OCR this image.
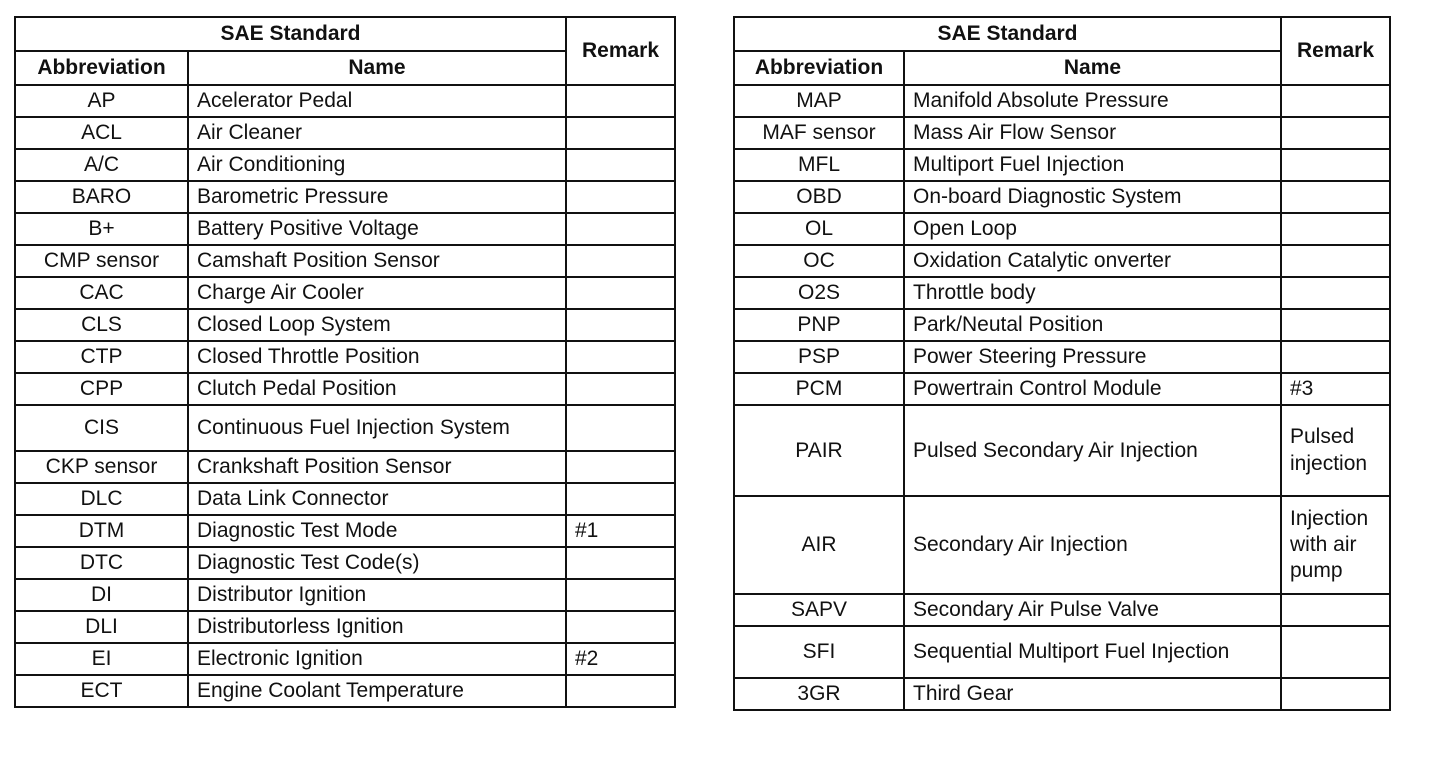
SAE Standard		Remark
Abbreviation	Name	
AP	Acelerator Pedal	
ACL	Air Cleaner	
A/C	Air Conditioning	
BARO	Barometric Pressure	
B+	Battery Positive Voltage	
CMP sensor	Camshaft Position Sensor	
CAC	Charge Air Cooler	
CLS	Closed Loop System	
CTP	Closed Throttle Position	
CPP	Clutch Pedal Position	
CIS	Continuous Fuel Injection System	
CKP sensor	Crankshaft Position Sensor	
DLC	Data Link Connector	
DTM	Diagnostic Test Mode	#1
DTC	Diagnostic Test Code(s)	
DI	Distributor Ignition	
DLI	Distributorless Ignition	
EI	Electronic Ignition	#2
ECT	Engine Coolant Temperature	
SAE Standard		Remark
Abbreviation	Name	
MAP	Manifold Absolute Pressure	
MAF sensor	Mass Air Flow Sensor	
MFL	Multiport Fuel Injection	
OBD	On-board Diagnostic System	
OL	Open Loop	
OC	Oxidation Catalytic onverter	
O2S	Throttle body	
PNP	Park/Neutal Position	
PSP	Power Steering Pressure	
PCM	Powertrain Control Module	#3
PAIR	Pulsed Secondary Air Injection	Pulsed injection
AIR	Secondary Air Injection	Injection with air pump
SAPV	Secondary Air Pulse Valve	
SFI	Sequential Multiport Fuel Injection	
3GR	Third Gear	
